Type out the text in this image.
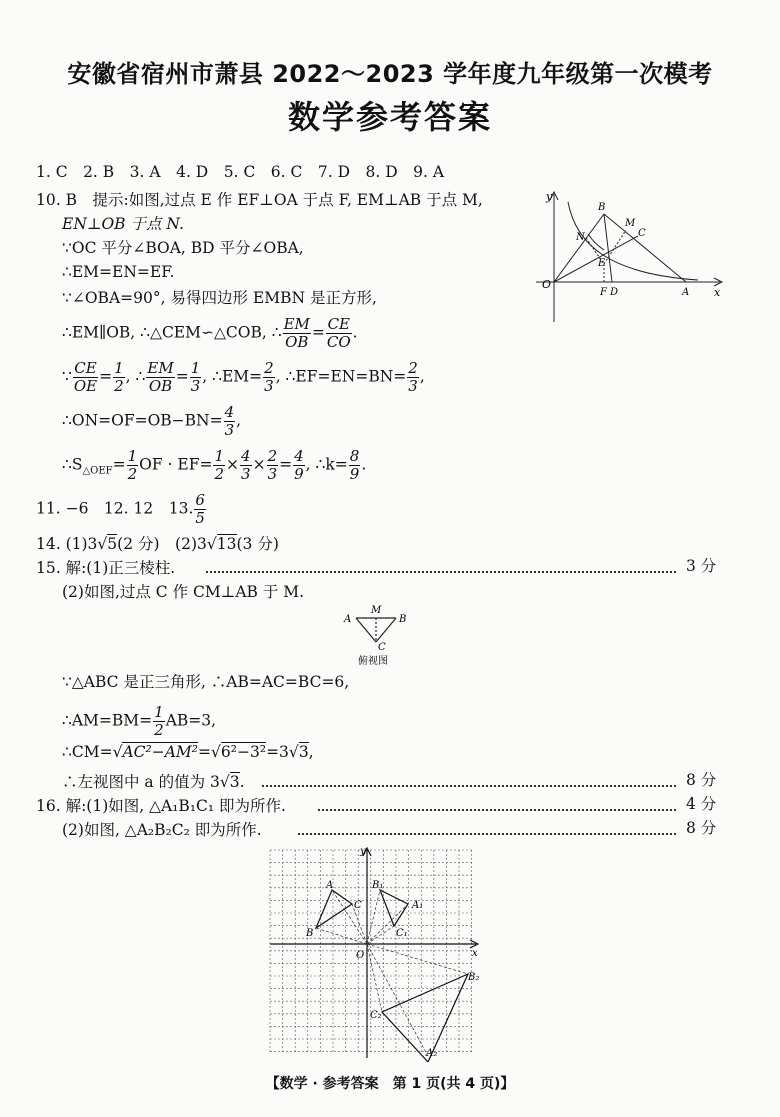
安徽省宿州市萧县 2022～2023 学年度九年级第一次模考
数学参考答案
1. C　2. B　3. A　4. D　5. C　6. C　7. D　8. D　9. A
10. B　提示:如图,过点 E 作 EF⊥OA 于点 F, EM⊥AB 于点 M,
EN⊥OB 于点 N.
∵OC 平分∠BOA, BD 平分∠OBA,
∴EM=EN=EF.
∵∠OBA=90°, 易得四边形 EMBN 是正方形,
∴EM∥OB, ∴△CEM∽△COB, ∴ $\frac{EM}{OB} = \frac{CE}{CO}$ .
∵ $\frac{CE}{OE} = \frac{1}{2}$ , ∴ $\frac{EM}{OB} = \frac{1}{3}$ , ∴EM= $\frac{2}{3}$ , ∴EF=EN=BN= $\frac{2}{3}$ ,
∴ON=OF=OB−BN= $\frac{4}{3}$ ,
$\therefore S_{\triangle OEF}= \frac{1}{2}$ OF · $EF= \frac{1}{2} \times \frac{4}{3} \times \frac{2}{3} = \frac{4}{9}$ , ∴k= $\frac{8}{9}$ .
O
y
x
B
M
C
N
E
F D	A
11. −6　12. 12　13. $\frac{6}{5}$
14. (1)3√5(2 分)　(2)3√13(3 分)
15. 解:(1)正三棱柱.	3 分
(2)如图,过点 C 作 CM⊥AB 于 M.
A
M
B
C
俯视图
∵△ABC 是正三角形, ∴AB=AC=BC=6,
∴AM=BM= $\frac{1}{2} AB=3$,
∴CM=√AC²−AM²=√6²−3²=3√3,
∴左视图中 a 的值为 3√3.	8 分
16. 解:(1)如图, △A₁B₁C₁ 即为所作.	4 分
(2)如图, △A₂B₂C₂ 即为所作.	8 分
y
x
O
A
C
B
B₁
A₁
C₁
B₂
C₂
A₂
【数学 · 参考答案　第 1 页(共 4 页)】
